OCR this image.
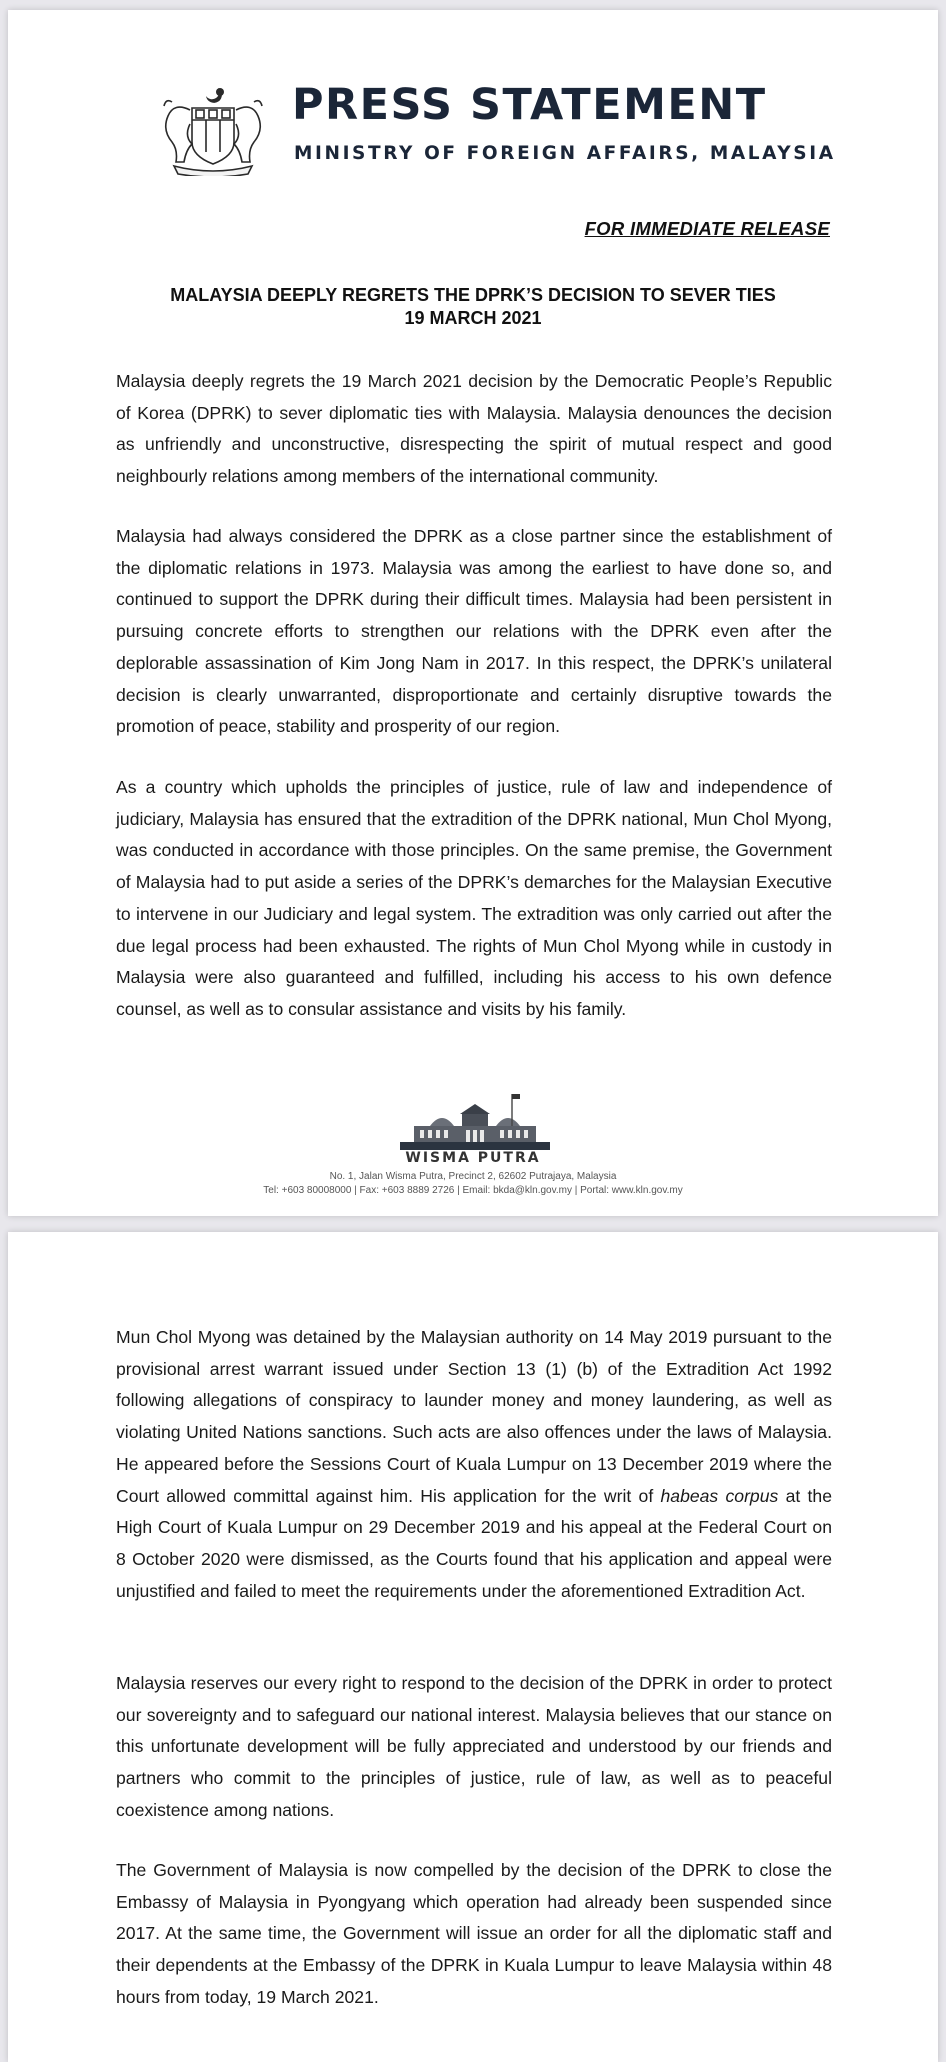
PRESS STATEMENT
MINISTRY OF FOREIGN AFFAIRS, MALAYSIA
FOR IMMEDIATE RELEASE
MALAYSIA DEEPLY REGRETS THE DPRK’S DECISION TO SEVER TIES
19 MARCH 2021

Malaysia deeply regrets the 19 March 2021 decision by the Democratic People’s Republic of Korea (DPRK) to sever diplomatic ties with Malaysia. Malaysia denounces the decision as unfriendly and unconstructive, disrespecting the spirit of mutual respect and good neighbourly relations among members of the international community.

Malaysia had always considered the DPRK as a close partner since the establishment of the diplomatic relations in 1973. Malaysia was among the earliest to have done so, and continued to support the DPRK during their difficult times. Malaysia had been persistent in pursuing concrete efforts to strengthen our relations with the DPRK even after the deplorable assassination of Kim Jong Nam in 2017. In this respect, the DPRK’s unilateral decision is clearly unwarranted, disproportionate and certainly disruptive towards the promotion of peace, stability and prosperity of our region.

As a country which upholds the principles of justice, rule of law and independence of judiciary, Malaysia has ensured that the extradition of the DPRK national, Mun Chol Myong, was conducted in accordance with those principles. On the same premise, the Government of Malaysia had to put aside a series of the DPRK’s demarches for the Malaysian Executive to intervene in our Judiciary and legal system. The extradition was only carried out after the due legal process had been exhausted. The rights of Mun Chol Myong while in custody in Malaysia were also guaranteed and fulfilled, including his access to his own defence counsel, as well as to consular assistance and visits by his family.

WISMA PUTRA
No. 1, Jalan Wisma Putra, Precinct 2, 62602 Putrajaya, Malaysia
Tel: +603 80008000 | Fax: +603 8889 2726 | Email: bkda@kln.gov.my | Portal: www.kln.gov.my

Mun Chol Myong was detained by the Malaysian authority on 14 May 2019 pursuant to the provisional arrest warrant issued under Section 13 (1) (b) of the Extradition Act 1992 following allegations of conspiracy to launder money and money laundering, as well as violating United Nations sanctions. Such acts are also offences under the laws of Malaysia. He appeared before the Sessions Court of Kuala Lumpur on 13 December 2019 where the Court allowed committal against him. His application for the writ of habeas corpus at the High Court of Kuala Lumpur on 29 December 2019 and his appeal at the Federal Court on 8 October 2020 were dismissed, as the Courts found that his application and appeal were unjustified and failed to meet the requirements under the aforementioned Extradition Act.

Malaysia reserves our every right to respond to the decision of the DPRK in order to protect our sovereignty and to safeguard our national interest. Malaysia believes that our stance on this unfortunate development will be fully appreciated and understood by our friends and partners who commit to the principles of justice, rule of law, as well as to peaceful coexistence among nations.

The Government of Malaysia is now compelled by the decision of the DPRK to close the Embassy of Malaysia in Pyongyang which operation had already been suspended since 2017. At the same time, the Government will issue an order for all the diplomatic staff and their dependents at the Embassy of the DPRK in Kuala Lumpur to leave Malaysia within 48 hours from today, 19 March 2021.
